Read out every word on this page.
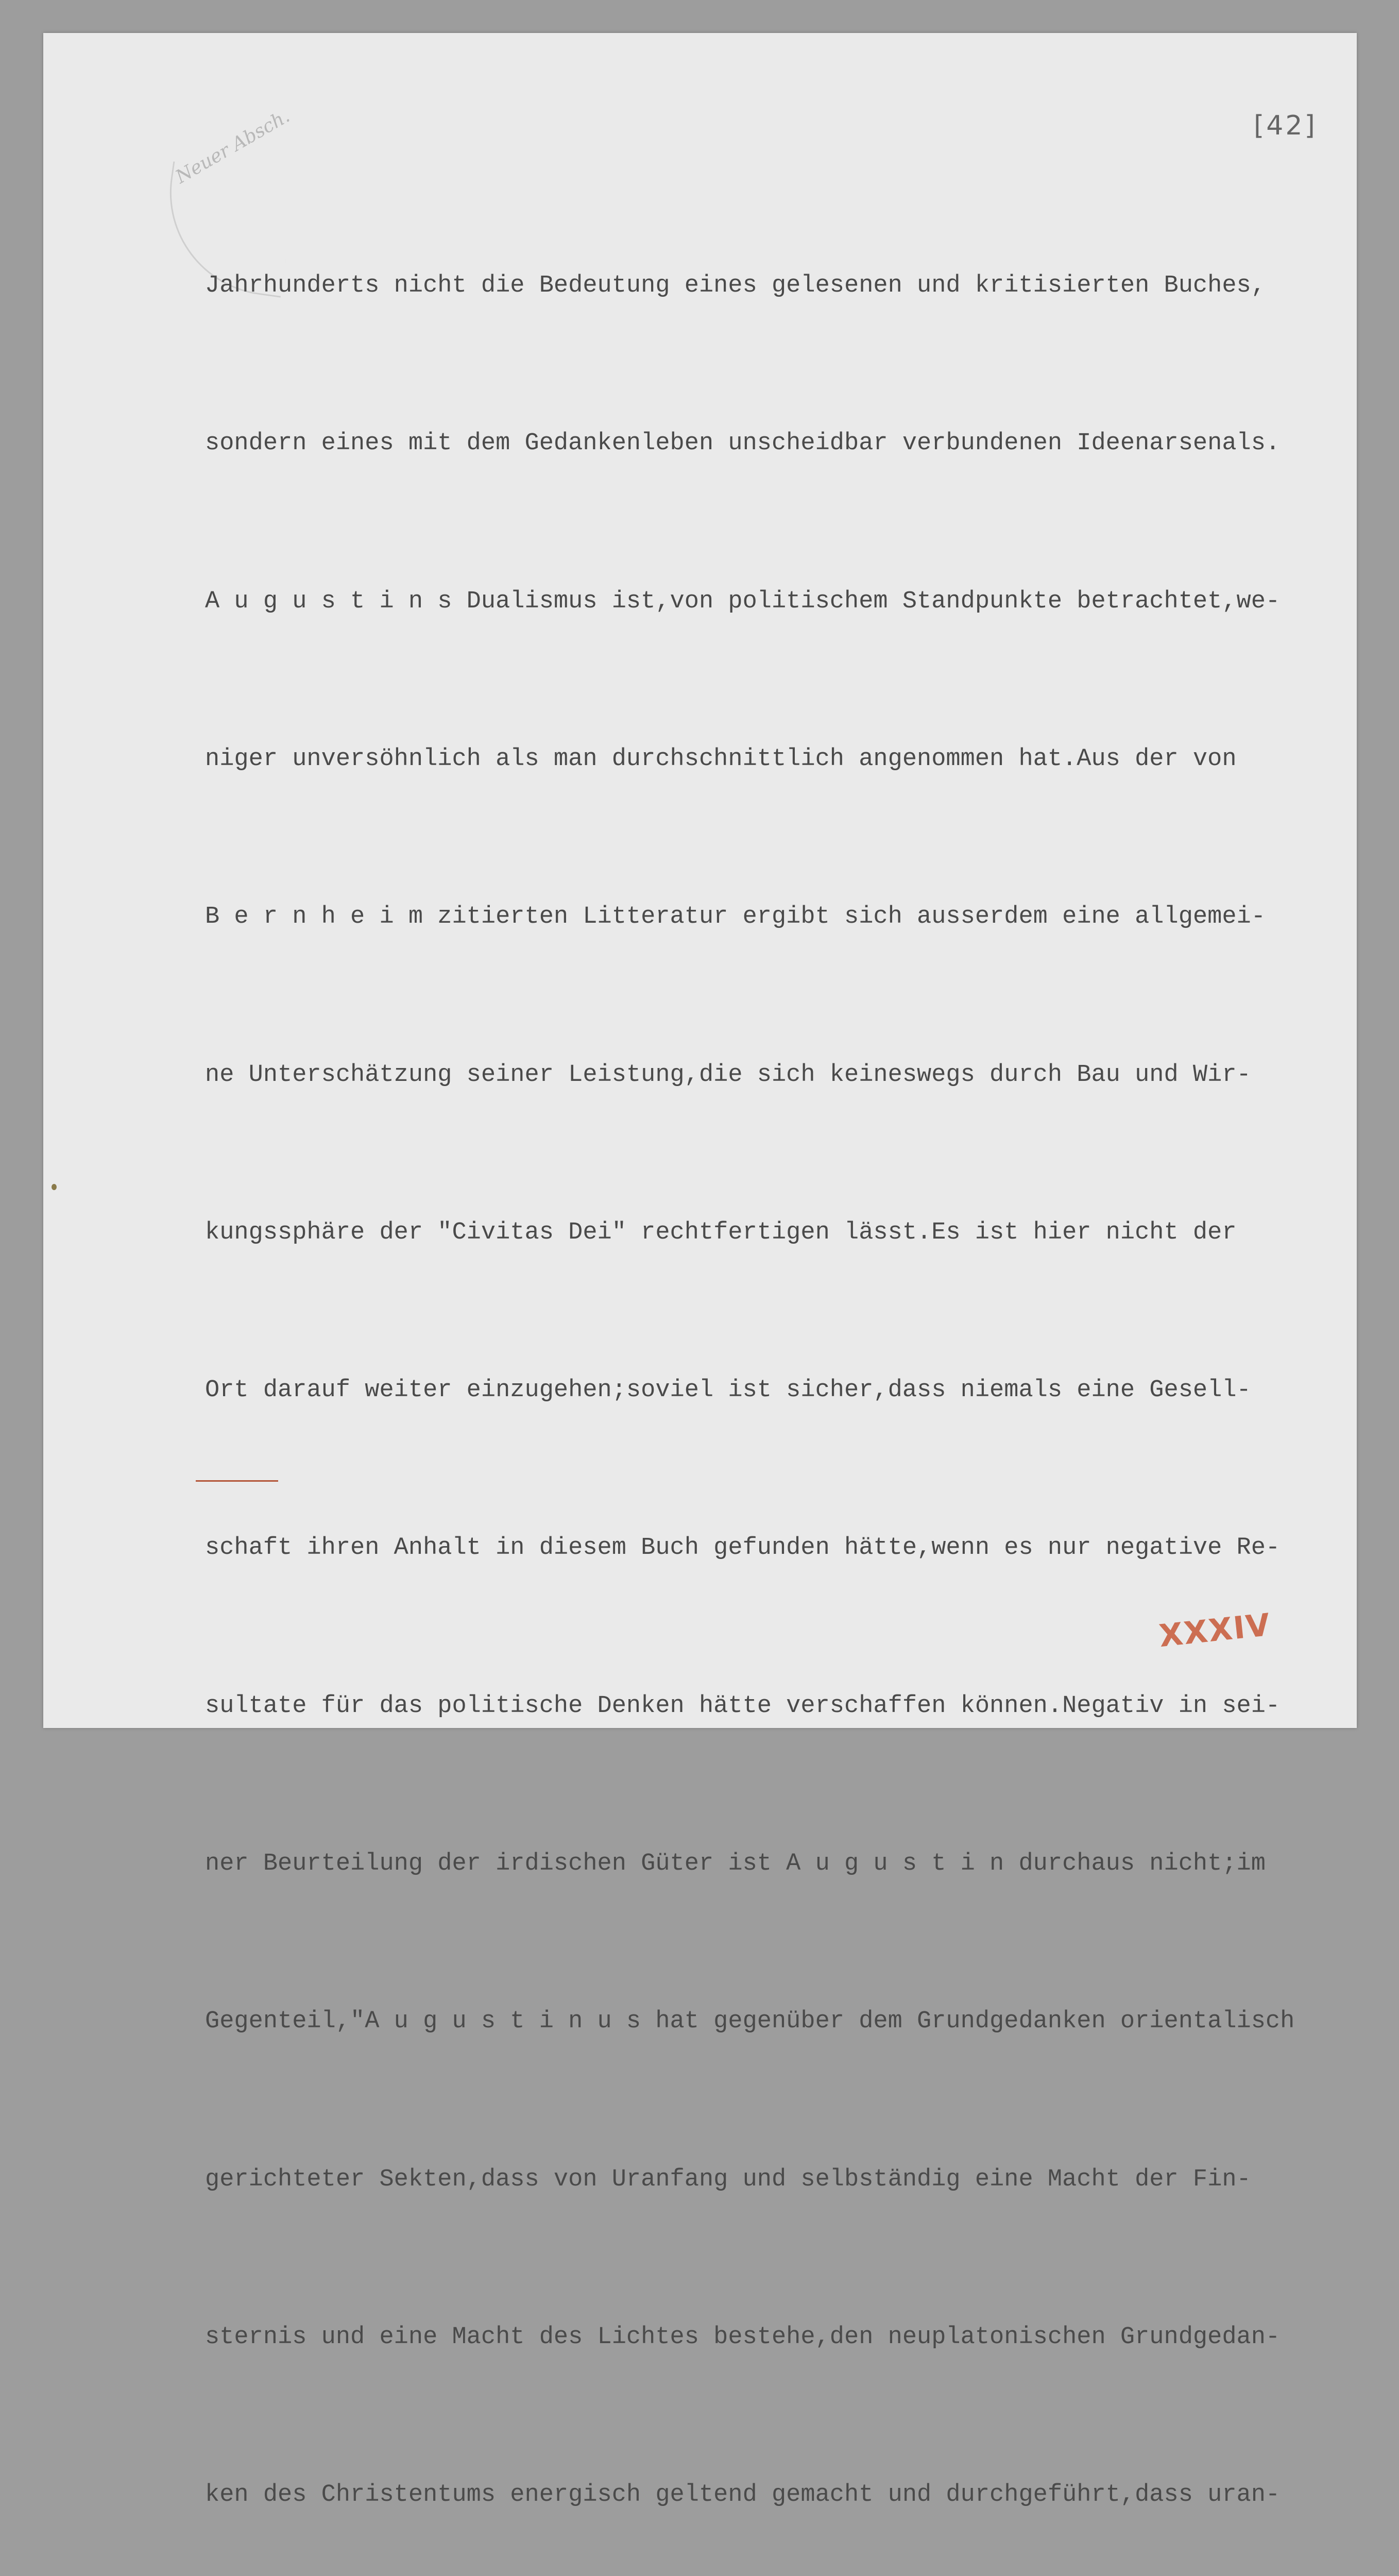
[42]
Neuer Absch.

Jahrhunderts nicht die Bedeutung eines gelesenen und kritisierten Buches,

sondern eines mit dem Gedankenleben unscheidbar verbundenen Ideenarsenals.

A u g u s t i n s Dualismus ist,von politischem Standpunkte betrachtet,we-

niger unversöhnlich als man durchschnittlich angenommen hat.Aus der von

B e r n h e i m zitierten Litteratur ergibt sich ausserdem eine allgemei-

ne Unterschätzung seiner Leistung,die sich keineswegs durch Bau und Wir-

kungssphäre der "Civitas Dei" rechtfertigen lässt.Es ist hier nicht der

Ort darauf weiter einzugehen;soviel ist sicher,dass niemals eine Gesell-

schaft ihren Anhalt in diesem Buch gefunden hätte,wenn es nur negative Re-

sultate für das politische Denken hätte verschaffen können.Negativ in sei-

ner Beurteilung der irdischen Güter ist A u g u s t i n durchaus nicht;im

Gegenteil,"A u g u s t i n u s hat gegenüber dem Grundgedanken orientalisch

gerichteter Sekten,dass von Uranfang und selbständig eine Macht der Fin-

sternis und eine Macht des Lichtes bestehe,den neuplatonischen Grundgedan-

ken des Christentums energisch geltend gemacht und durchgeführt,dass uran-

XXXIV
